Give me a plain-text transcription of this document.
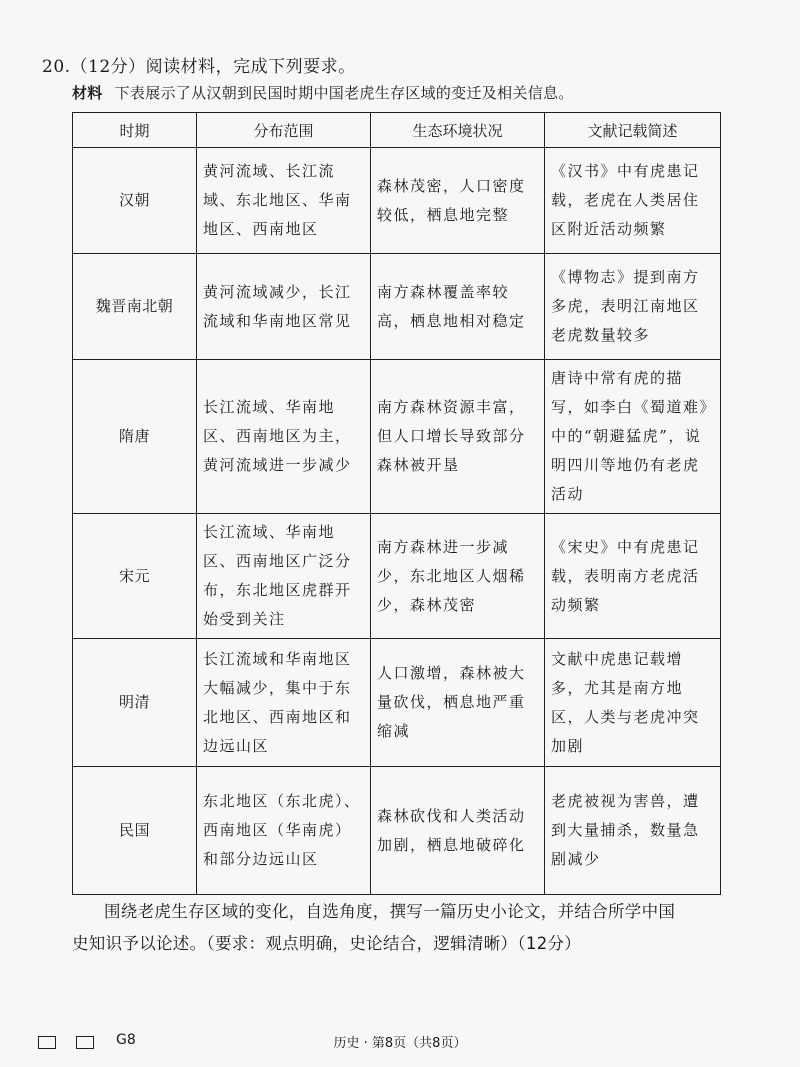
20.（12分）阅读材料，完成下列要求。
材料 下表展示了从汉朝到民国时期中国老虎生存区域的变迁及相关信息。
时期	分布范围	生态环境状况	文献记载简述
汉朝	黄河流域、长江流域、东北地区、华南地区、西南地区	森林茂密，人口密度较低，栖息地完整	《汉书》中有虎患记载，老虎在人类居住区附近活动频繁
魏晋南北朝	黄河流域减少，长江流域和华南地区常见	南方森林覆盖率较高，栖息地相对稳定	《博物志》提到南方多虎，表明江南地区老虎数量较多
隋唐	长江流域、华南地区、西南地区为主，黄河流域进一步减少	南方森林资源丰富，但人口增长导致部分森林被开垦	唐诗中常有虎的描写，如李白《蜀道难》中的“朝避猛虎”，说明四川等地仍有老虎活动
宋元	长江流域、华南地区、西南地区广泛分布，东北地区虎群开始受到关注	南方森林进一步减少，东北地区人烟稀少，森林茂密	《宋史》中有虎患记载，表明南方老虎活动频繁
明清	长江流域和华南地区大幅减少，集中于东北地区、西南地区和边远山区	人口激增，森林被大量砍伐，栖息地严重缩减	文献中虎患记载增多，尤其是南方地区，人类与老虎冲突加剧
民国	东北地区（东北虎）、西南地区（华南虎）和部分边远山区	森林砍伐和人类活动加剧，栖息地破碎化	老虎被视为害兽，遭到大量捕杀，数量急剧减少
围绕老虎生存区域的变化，自选角度，撰写一篇历史小论文，并结合所学中国
史知识予以论述。（要求：观点明确，史论结合，逻辑清晰）（12分）
G8	历史 · 第8页（共8页）
